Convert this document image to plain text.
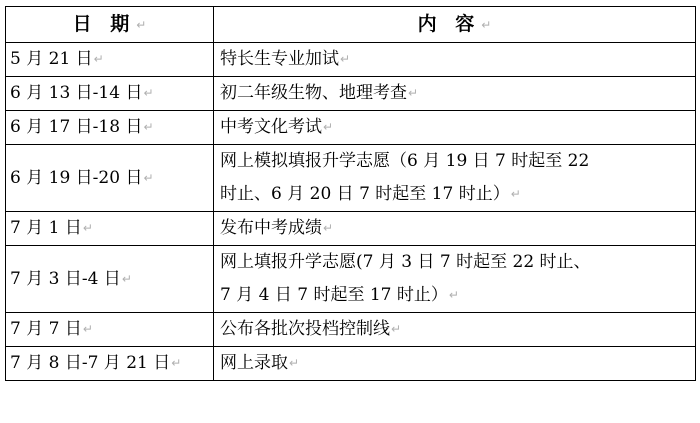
日 期↵	内 容↵
5 月 21 日↵	特长生专业加试↵
6 月 13 日-14 日↵	初二年级生物、地理考查↵
6 月 17 日-18 日↵	中考文化考试↵
6 月 19 日-20 日↵	网上模拟填报升学志愿（6 月 19 日 7 时起至 22
时止、6 月 20 日 7 时起至 17 时止）↵

7 月 1 日↵	发布中考成绩↵
7 月 3 日-4 日↵	网上填报升学志愿(7 月 3 日 7 时起至 22 时止、
7 月 4 日 7 时起至 17 时止）↵

7 月 7 日↵	公布各批次投档控制线↵
7 月 8 日-7 月 21 日↵	网上录取↵
